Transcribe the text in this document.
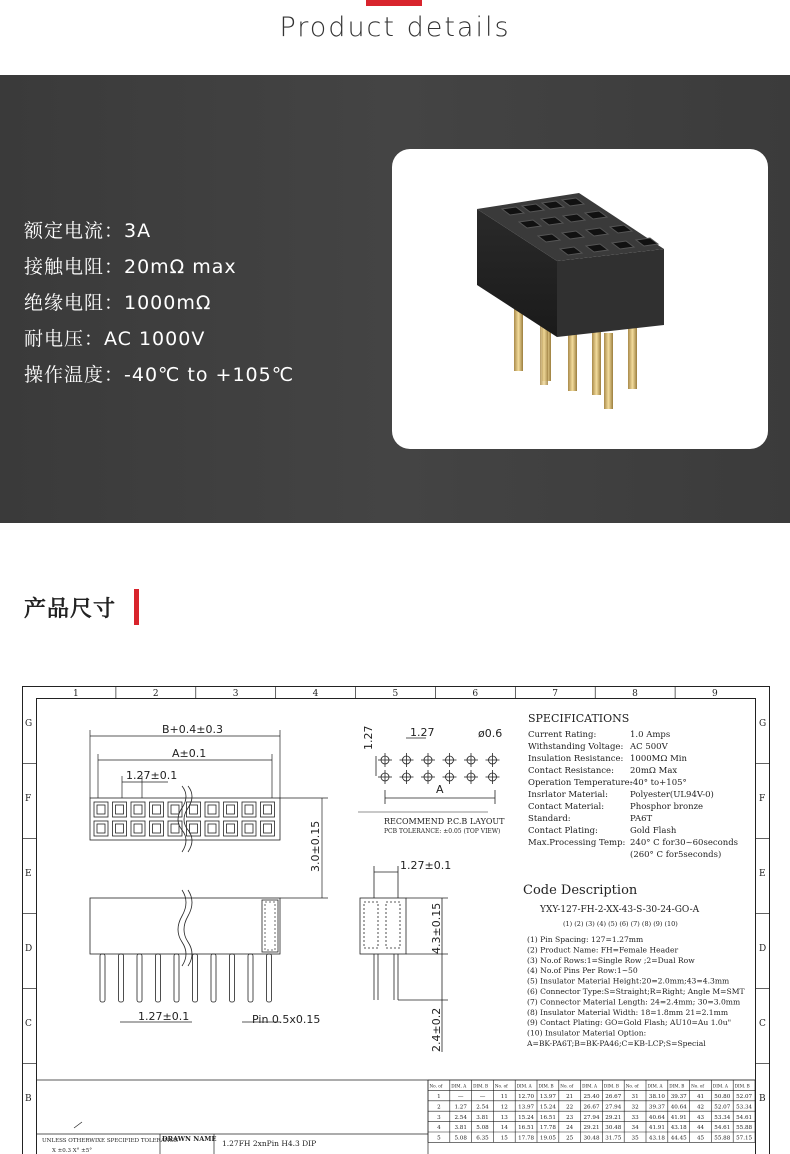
Product details
额定电流：3A
接触电阻：20mΩ max
绝缘电阻：1000mΩ
耐电压：AC 1000V
操作温度：-40℃ to +105℃
产品尺寸
1	2	3	4	5	6	7	8	9
G	G
F	F
E	E
D	D
C	C
B	B
B+0.4±0.3
A±0.1
1.27±0.1
3.0±0.15
1.27±0.1	Pin 0.5x0.15
1.27±0.1
4.3±0.15
2.4±0.2
A
1.27
1.27	ø0.6
RECOMMEND P.C.B LAYOUT
PCB TOLERANCE: ±0.05 (TOP VIEW)
SPECIFICATIONS
Current Rating:	1.0 Amps
Withstanding Voltage: AC 500V
Insulation Resistance: 1000MΩ Min
Contact Resistance: 20mΩ Max
Operation Temperature:
-40° to+105°
Insrlator Material:	Polyester(UL94V-0)
Contact Material:	Phosphor bronze
Standard:	PA6T
Contact Plating:	Gold Flash
Max.Processing Temp: 240° C for30~60seconds
(260° C for5seconds)
Code Description
YXY-127-FH-2-XX-43-S-30-24-GO-A
(1) (2) (3) (4) (5) (6) (7) (8) (9) (10)
(1) Pin Spacing: 127=1.27mm
(2) Product Name: FH=Female Header
(3) No.of Rows:1=Single Row ;2=Dual Row
(4) No.of Pins Per Row:1~50
(5) Insulator Material Height:20=2.0mm;43=4.3mm
(6) Connector Type:S=Straight;R=Right; Angle M=SMT
(7) Connector Material Length: 24=2.4mm; 30=3.0mm
(8) Insulator Material Width: 18=1.8mm 21=2.1mm
(9) Contact Plating: GO=Gold Flash; AU10=Au 1.0u"
(10) Insulator Material Option:
A=BK-PA6T;B=BK-PA46;C=KB-LCP;S=Special
UNLESS OTHERWIXE SPECIFIED TOLERANCE
X ±0.3 X° ±5°
DRAWN NAME 1.27FH 2xnPin H4.3 DIP
No. of DIM. A DIM. B No. of DIM. A DIM. B No. of DIM. A DIM. B No. of DIM. A DIM. B No. of DIM. A DIM. B
1	—	—	11 12.70 13.97 21 25.40 26.67 31 38.10 39.37 41 50.80 52.07
2 1.27 2.54 12 13.97 15.24 22 26.67 27.94 32 39.37 40.64 42 52.07 53.34
3 2.54 3.81 13 15.24 16.51 23 27.94 29.21 33 40.64 41.91 43 53.34 54.61
4 3.81 5.08 14 16.51 17.78 24 29.21 30.48 34 41.91 43.18 44 54.61 55.88
5 5.08 6.35 15 17.78 19.05 25 30.48 31.75 35 43.18 44.45 45 55.88 57.15
